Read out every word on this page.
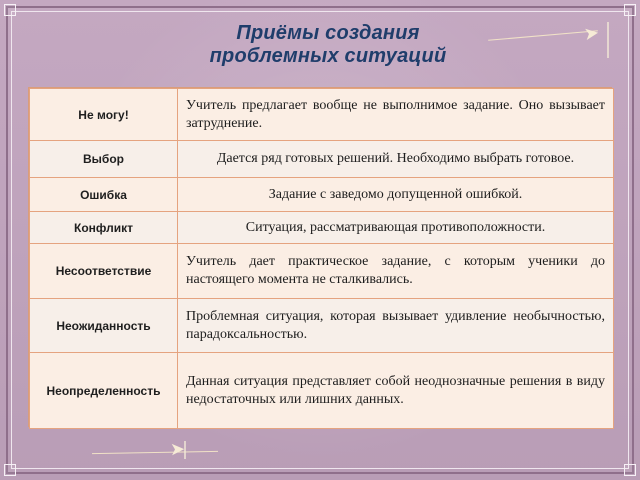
Приёмы создания
проблемных ситуаций
➤
➤
Не могу!	Учитель предлагает вообще не выполнимое задание. Оно вызывает затруднение.
Выбор	Дается ряд готовых решений. Необходимо выбрать готовое.
Ошибка	Задание с заведомо допущенной ошибкой.
Конфликт	Ситуация, рассматривающая противоположности.
Несоответствие	Учитель дает практическое задание, с которым ученики до настоящего момента не сталкивались.
Неожиданность	Проблемная ситуация, которая вызывает удивление необычностью, парадоксальностью.
Неопределенность	Данная ситуация представляет собой неоднозначные решения в виду недостаточных или лишних данных.
